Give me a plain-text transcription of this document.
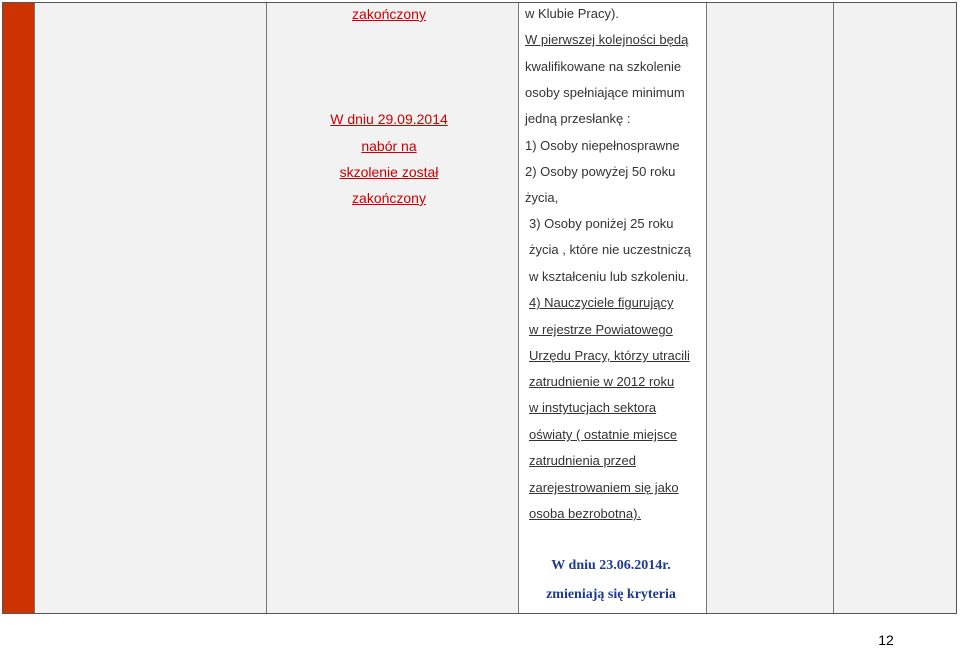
zakończony
W dniu 29.09.2014
nabór na
skzolenie został
zakończony
w Klubie Pracy).
W pierwszej kolejności będą
kwalifikowane na szkolenie
osoby spełniające minimum
jedną przesłankę :
1) Osoby niepełnosprawne
2) Osoby powyżej 50 roku
życia,
3) Osoby poniżej 25 roku
życia , które nie uczestniczą
w kształceniu lub szkoleniu.
4) Nauczyciele figurujący
w rejestrze Powiatowego
Urzędu Pracy, którzy utracili
zatrudnienie w 2012 roku
w instytucjach sektora
oświaty ( ostatnie miejsce
zatrudnienia przed
zarejestrowaniem się jako
osoba bezrobotna).
W dniu 23.06.2014r.
zmieniają się kryteria
12
